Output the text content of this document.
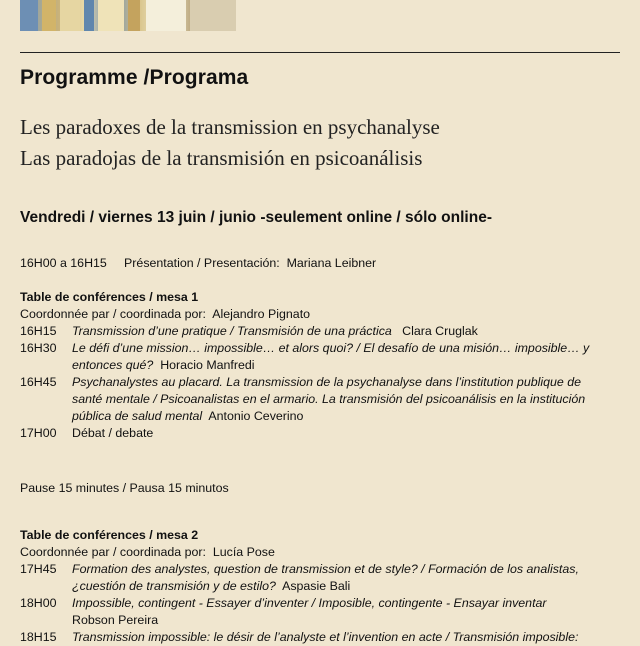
Programme /Programa
Les paradoxes de la transmission en psychanalyse
Las paradojas de la transmisión en psicoanálisis
Vendredi / viernes 13 juin / junio -seulement online / sólo online-
16H00 a 16H15 Présentation / Presentación: Mariana Leibner
Table de conférences / mesa 1
Coordonnée par / coordinada por: Alejandro Pignato
16H15	Transmission d’une pratique / Transmisión de una práctica Clara Cruglak
16H30	Le défi d’une mission… impossible… et alors quoi? / El desafío de una misión… imposible… y
entonces qué? Horacio Manfredi
16H45	Psychanalystes au placard. La transmission de la psychanalyse dans l’institution publique de
santé mentale / Psicoanalistas en el armario. La transmisión del psicoanálisis en la institución
pública de salud mental Antonio Ceverino
17H00	Débat / debate
Pause 15 minutes / Pausa 15 minutos
Table de conférences / mesa 2
Coordonnée par / coordinada por: Lucía Pose
17H45	Formation des analystes, question de transmission et de style? / Formación de los analistas,
¿cuestión de transmisión y de estilo? Aspasie Bali
18H00	Impossible, contingent - Essayer d’inventer / Imposible, contingente - Ensayar inventar
Robson Pereira
18H15	Transmission impossible: le désir de l’analyste et l’invention en acte / Transmisión imposible:
